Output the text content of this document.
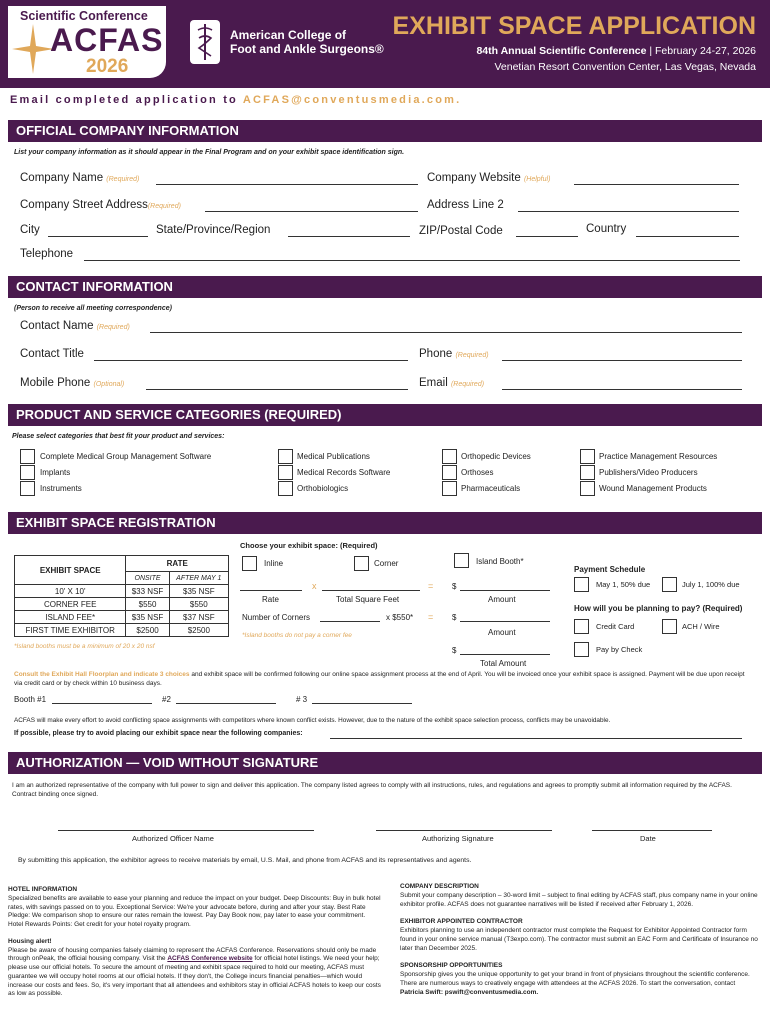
Scientific Conference
ACFAS
2026
American College of
Foot and Ankle Surgeons®
EXHIBIT SPACE APPLICATION
84th Annual Scientific Conference | February 24-27, 2026
Venetian Resort Convention Center, Las Vegas, Nevada
Email completed application to ACFAS@conventusmedia.com.
OFFICIAL COMPANY INFORMATION
List your company information as it should appear in the Final Program and on your exhibit space identification sign.
Company Name (Required)	Company Website (Helpful)
Company Street Address(Required)	Address Line 2
City	State/Province/Region	ZIP/Postal Code	Country
Telephone
CONTACT INFORMATION
(Person to receive all meeting correspondence)
Contact Name (Required)
Contact Title	Phone (Required)
Mobile Phone (Optional)	Email (Required)
PRODUCT AND SERVICE CATEGORIES (REQUIRED)
Please select categories that best fit your product and services:
Complete Medical Group Management Software
Implants
Instruments
Medical Publications
Medical Records Software
Orthobiologics
Orthopedic Devices
Orthoses
Pharmaceuticals
Practice Management Resources
Publishers/Video Producers
Wound Management Products
EXHIBIT SPACE REGISTRATION
Choose your exhibit space: (Required)
Inline	Corner	Island Booth*
EXHIBIT SPACE	RATE	
	ONSITE	AFTER MAY 1
10' X 10'	$33 NSF	$35 NSF
CORNER FEE	$550	$550
ISLAND FEE*	$35 NSF	$37 NSF
FIRST TIME EXHIBITOR	$2500	$2500
*Island booths must be a minimum of 20 x 20 nsf
x	= $
Rate	Total Square Feet	Amount
Number of Corners	x $550* = $
Amount
*Island booths do not pay a corner fee
$
Total Amount
Payment Schedule
May 1, 50% due	July 1, 100% due
How will you be planning to pay? (Required)
Credit Card	ACH / Wire
Pay by Check
Consult the Exhibit Hall Floorplan and indicate 3 choices and exhibit space will be confirmed following our online space assignment process at the end of April. You will be invoiced once your exhibit space is assigned. Payment will be due upon receipt via credit card or by check within 10 business days.
Booth #1	#2	# 3
ACFAS will make every effort to avoid conflicting space assignments with competitors where known conflict exists. However, due to the nature of the exhibit space selection process, conflicts may be unavoidable.
If possible, please try to avoid placing our exhibit space near the following companies:
AUTHORIZATION — VOID WITHOUT SIGNATURE
I am an authorized representative of the company with full power to sign and deliver this application. The company listed agrees to comply with all instructions, rules, and regulations and agrees to promptly submit all information required by the ACFAS. Contract binding once signed.
Authorized Officer Name	Authorizing Signature	Date
By submitting this application, the exhibitor agrees to receive materials by email, U.S. Mail, and phone from ACFAS and its representatives and agents.
HOTEL INFORMATION
Specialized benefits are available to ease your planning and reduce the impact on your budget. Deep Discounts: Buy in bulk hotel rates, with savings passed on to you. Exceptional Service: We're your advocate before, during and after your stay. Best Rate Pledge: We comparison shop to ensure our rates remain the lowest. Pay Day Book now, pay later to ease your commitment. Hotel Rewards Points: Get credit for your hotel royalty program.
Housing alert!
Please be aware of housing companies falsely claiming to represent the ACFAS Conference. Reservations should only be made through onPeak, the official housing company. Visit the ACFAS Conference website for official hotel listings. We need your help; please use our official hotels. To secure the amount of meeting and exhibit space required to hold our meeting, ACFAS must guarantee we will occupy hotel rooms at our official hotels. If they don't, the College incurs financial penalties—which would increase our costs and fees. So, it's very important that all attendees and exhibitors stay in official ACFAS hotels to keep our costs as low as possible.
COMPANY DESCRIPTION
Submit your company description – 30-word limit – subject to final editing by ACFAS staff, plus company name in your online exhibitor profile. ACFAS does not guarantee narratives will be listed if received after February 1, 2026.
EXHIBITOR APPOINTED CONTRACTOR
Exhibitors planning to use an independent contractor must complete the Request for Exhibitor Appointed Contractor form found in your online service manual (T3expo.com). The contractor must submit an EAC Form and Certificate of Insurance no later than December 2025.
SPONSORSHIP OPPORTUNITIES
Sponsorship gives you the unique opportunity to get your brand in front of physicians throughout the scientific conference. There are numerous ways to creatively engage with attendees at the ACFAS 2026. To start the conversation, contact Patricia Swift: pswift@conventusmedia.com.
